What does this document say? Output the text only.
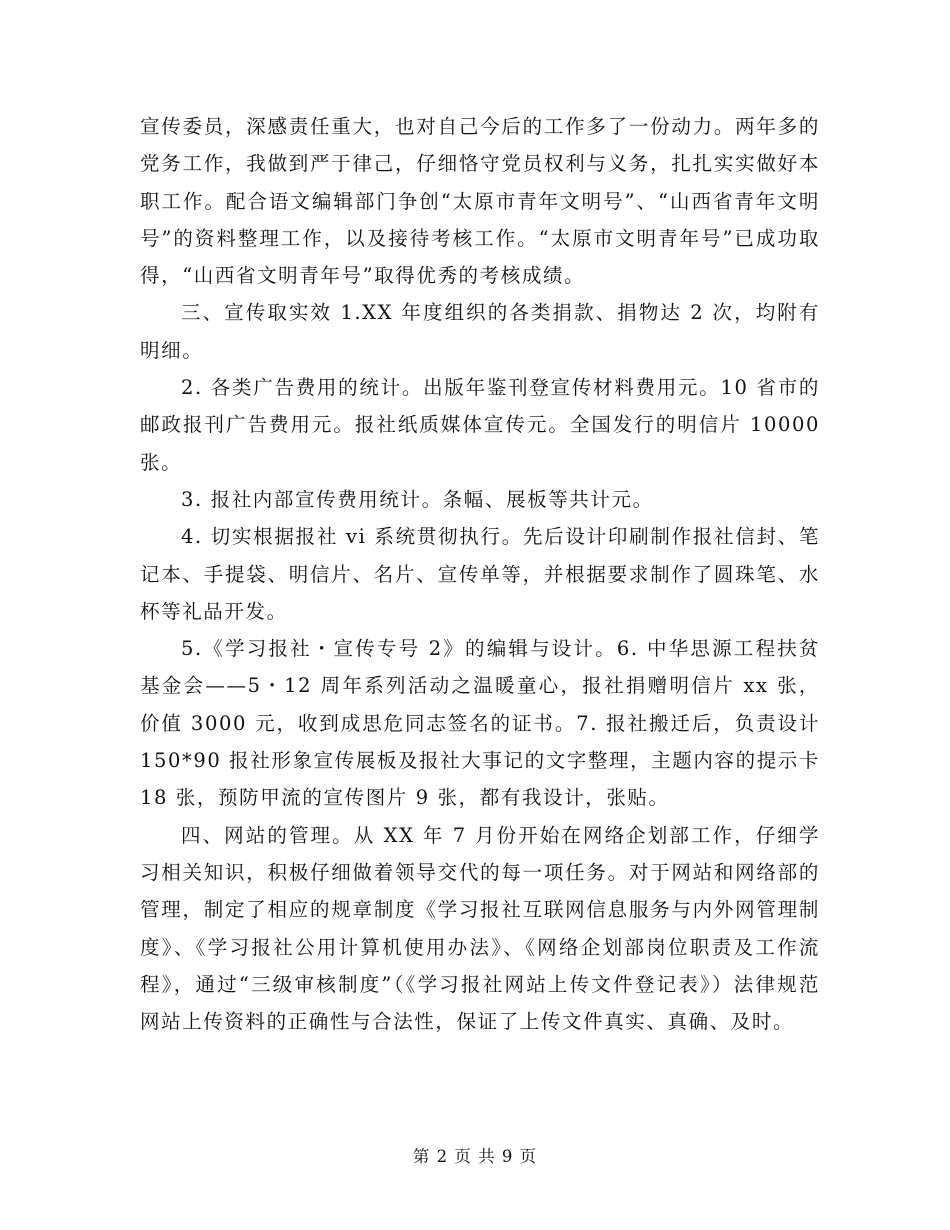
宣传委员，深感责任重大，也对自己今后的工作多了一份动力。两年多的党务工作，我做到严于律己，仔细恪守党员权利与义务，扎扎实实做好本职工作。配合语文编辑部门争创“太原市青年文明号”、“山西省青年文明号”的资料整理工作，以及接待考核工作。“太原市文明青年号”已成功取得，“山西省文明青年号”取得优秀的考核成绩。

三、宣传取实效 1.XX 年度组织的各类捐款、捐物达 2 次，均附有明细。

2. 各类广告费用的统计。出版年鉴刊登宣传材料费用元。10 省市的邮政报刊广告费用元。报社纸质媒体宣传元。全国发行的明信片 10000 张。

3. 报社内部宣传费用统计。条幅、展板等共计元。

4. 切实根据报社 vi 系统贯彻执行。先后设计印刷制作报社信封、笔记本、手提袋、明信片、名片、宣传单等，并根据要求制作了圆珠笔、水杯等礼品开发。

5.《学习报社・宣传专号 2》的编辑与设计。6. 中华思源工程扶贫基金会——5・12 周年系列活动之温暖童心，报社捐赠明信片 xx 张，价值 3000 元，收到成思危同志签名的证书。7. 报社搬迁后，负责设计 150*90 报社形象宣传展板及报社大事记的文字整理，主题内容的提示卡 18 张，预防甲流的宣传图片 9 张，都有我设计，张贴。

四、网站的管理。从 XX 年 7 月份开始在网络企划部工作，仔细学习相关知识，积极仔细做着领导交代的每一项任务。对于网站和网络部的管理，制定了相应的规章制度《学习报社互联网信息服务与内外网管理制度》、《学习报社公用计算机使用办法》、《网络企划部岗位职责及工作流程》，通过“三级审核制度”（《学习报社网站上传文件登记表》）法律规范网站上传资料的正确性与合法性，保证了上传文件真实、真确、及时。

第 2 页 共 9 页
